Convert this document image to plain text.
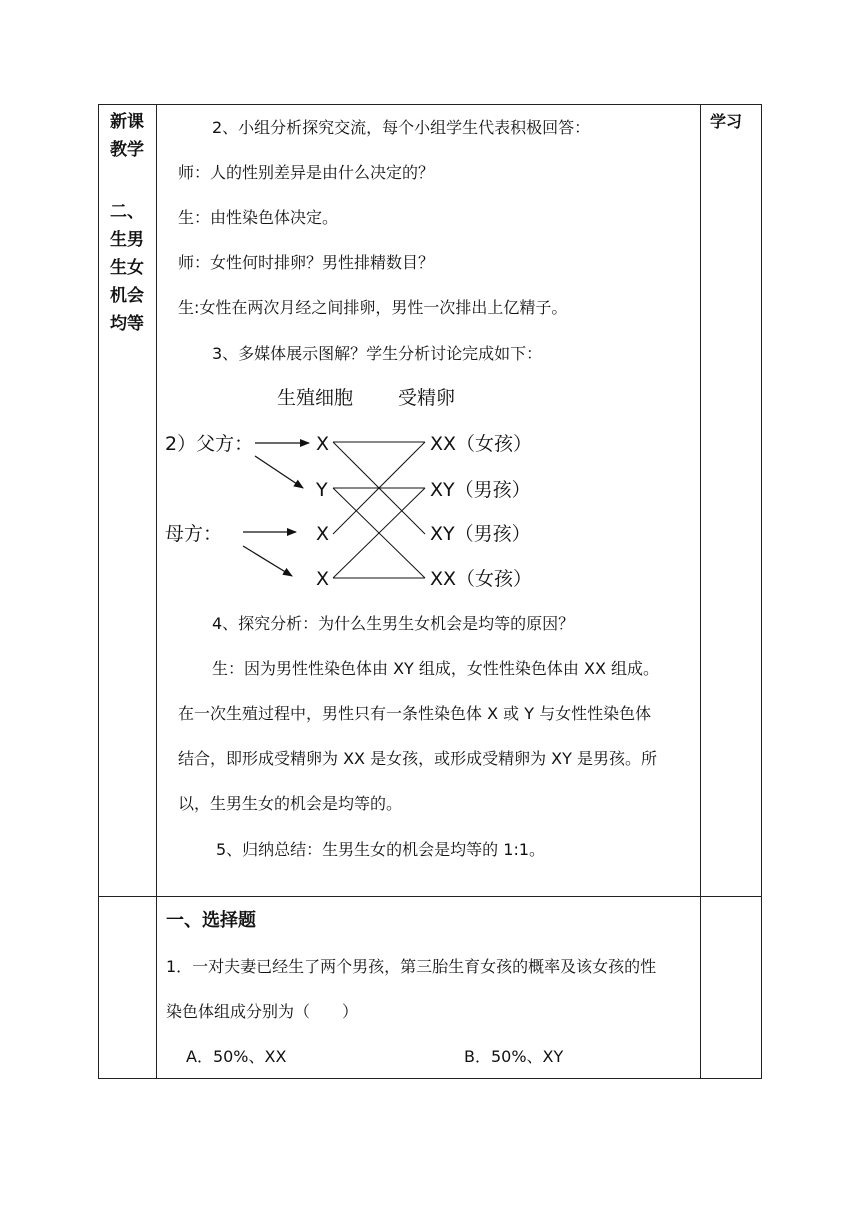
新课
教学
二、
生男
生女
机会
均等
学习
2、小组分析探究交流，每个小组学生代表积极回答：
师：人的性别差异是由什么决定的？
生：由性染色体决定。
师：女性何时排卵？男性排精数目？
生:女性在两次月经之间排卵，男性一次排出上亿精子。
3、多媒体展示图解？学生分析讨论完成如下：
生殖细胞 受精卵
2）父方：
母方：
X
Y
X
X
XX（女孩）
XY（男孩）
XY（男孩）
XX（女孩）
4、探究分析：为什么生男生女机会是均等的原因？
生：因为男性性染色体由 XY 组成，女性性染色体由 XX 组成。
在一次生殖过程中，男性只有一条性染色体 X 或 Y 与女性性染色体
结合，即形成受精卵为 XX 是女孩，或形成受精卵为 XY 是男孩。所
以，生男生女的机会是均等的。
5、归纳总结：生男生女的机会是均等的 1:1。
一、选择题
1．一对夫妻已经生了两个男孩，第三胎生育女孩的概率及该女孩的性
染色体组成分别为（　　）
A．50%、XX	B．50%、XY
